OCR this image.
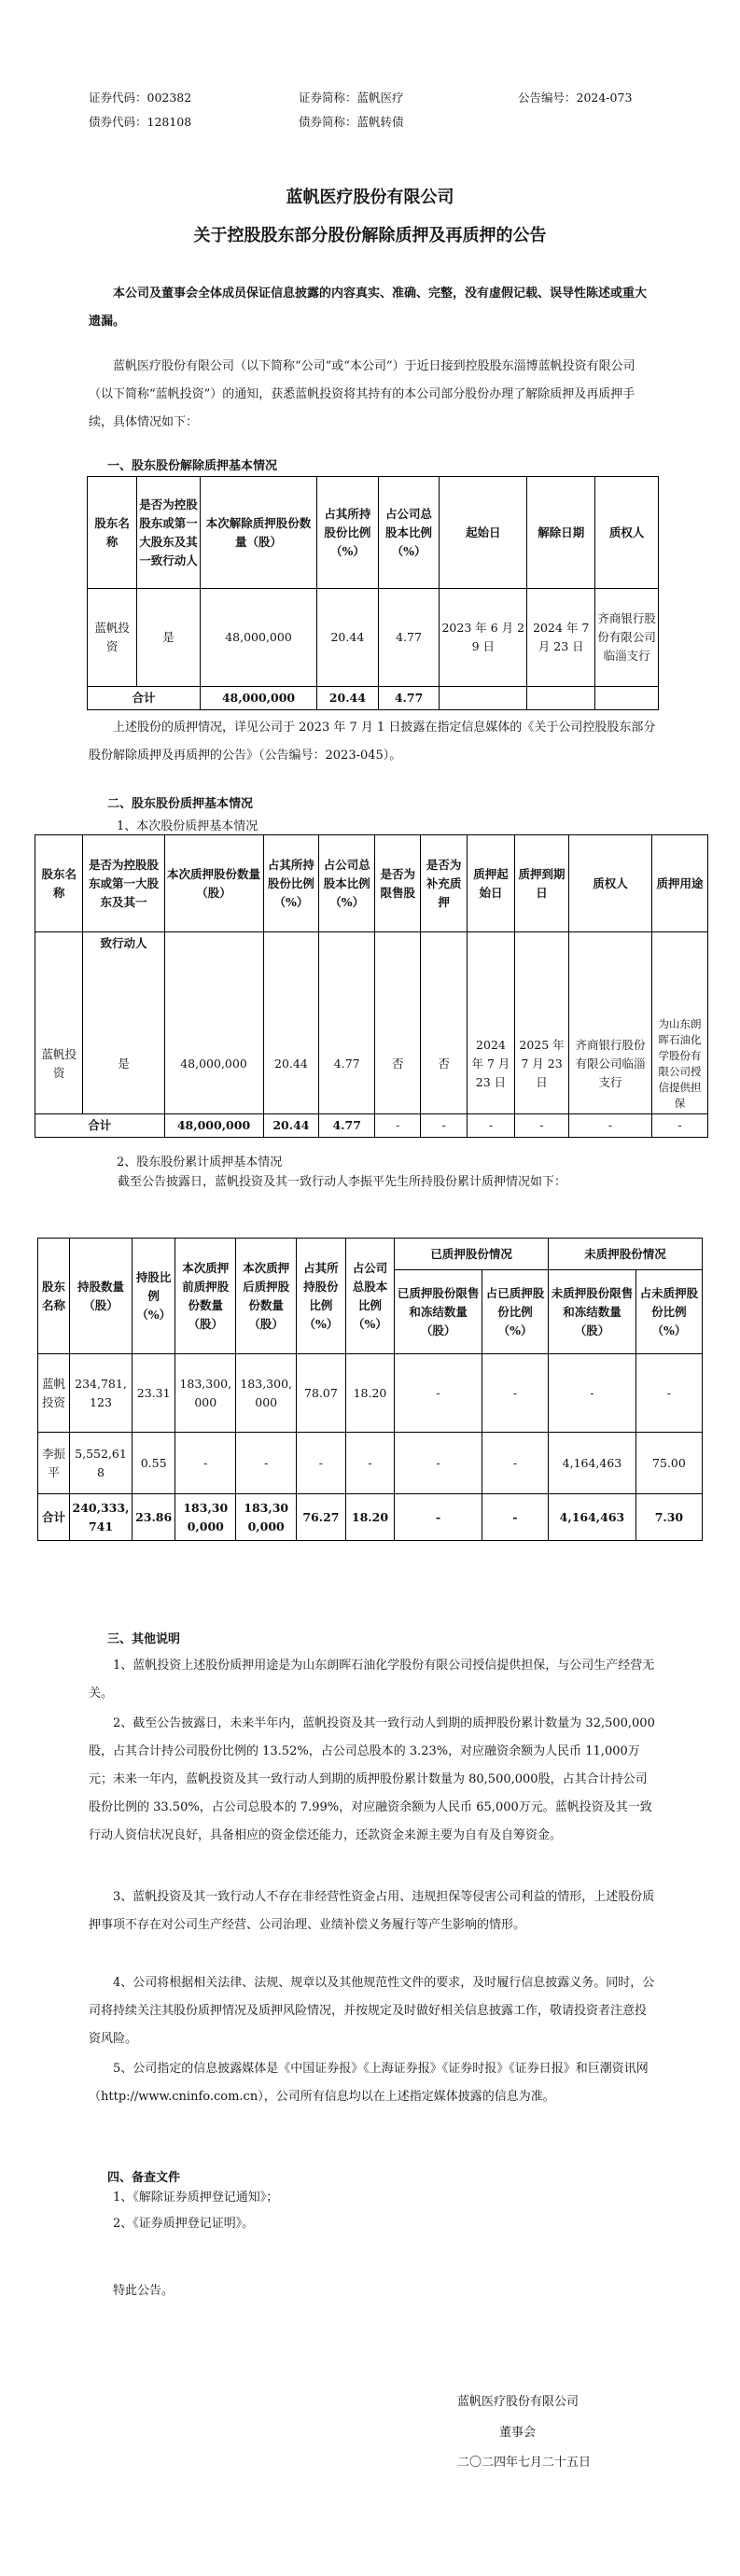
证券代码：002382	证券简称：蓝帆医疗	公告编号：2024-073
债券代码：128108	债券简称：蓝帆转债
蓝帆医疗股份有限公司
关于控股股东部分股份解除质押及再质押的公告
本公司及董事会全体成员保证信息披露的内容真实、准确、完整，没有虚假记载、误导性陈述或重大遗漏。
蓝帆医疗股份有限公司（以下简称“公司”或“本公司”）于近日接到控股股东淄博蓝帆投资有限公司（以下简称“蓝帆投资”）的通知，获悉蓝帆投资将其持有的本公司部分股份办理了解除质押及再质押手续，具体情况如下：
一、股东股份解除质押基本情况
股东名称	是否为控股股东或第一大股东及其一致行动人	本次解除质押股份数量（股）	占其所持股份比例（%）	占公司总股本比例（%）	起始日	解除日期	质权人
蓝帆投资	是	48,000,000	20.44	4.77	2023 年 6 月 29 日	2024 年 7 月 23 日	齐商银行股份有限公司临淄支行
合计		48,000,000	20.44	4.77			
上述股份的质押情况，详见公司于 2023 年 7 月 1 日披露在指定信息媒体的《关于公司控股股东部分股份解除质押及再质押的公告》（公告编号：2023-045）。
二、股东股份质押基本情况
1、本次股份质押基本情况
股东名称	是否为控股股东或第一大股东及其一	本次质押股份数量（股）	占其所持股份比例（%）	占公司总股本比例（%）	是否为限售股	是否为补充质押	质押起始日	质押到期日	质权人	质押用途
	致行动人									
蓝帆投资	是	48,000,000	20.44	4.77	否	否	2024 年 7 月 23 日	2025 年 7 月 23 日	齐商银行股份有限公司临淄支行	为山东朗晖石油化学股份有限公司授信提供担保
合计		48,000,000	20.44	4.77	-	-	-	-	-	-
2、股东股份累计质押基本情况
截至公告披露日，蓝帆投资及其一致行动人李振平先生所持股份累计质押情况如下：
股东名称	持股数量（股）	持股比例（%）	本次质押前质押股份数量（股）	本次质押后质押股份数量（股）	占其所持股份比例（%）	占公司总股本比例（%）	已质押股份情况		未质押股份情况	
							已质押股份限售和冻结数量（股）	占已质押股份比例（%）	未质押股份限售和冻结数量（股）	占未质押股份比例（%）
蓝帆投资	234,781,123	23.31	183,300,000	183,300,000	78.07	18.20	-	-	-	-
李振平	5,552,618	0.55	-	-	-	-	-	-	4,164,463	75.00
合计	240,333,741	23.86	183,300,000	183,300,000	76.27	18.20	-	-	4,164,463	7.30
三、其他说明
1、蓝帆投资上述股份质押用途是为山东朗晖石油化学股份有限公司授信提供担保，与公司生产经营无关。
2、截至公告披露日，未来半年内，蓝帆投资及其一致行动人到期的质押股份累计数量为 32,500,000股，占其合计持公司股份比例的 13.52%，占公司总股本的 3.23%，对应融资余额为人民币 11,000万元；未来一年内，蓝帆投资及其一致行动人到期的质押股份累计数量为 80,500,000股，占其合计持公司股份比例的 33.50%，占公司总股本的 7.99%，对应融资余额为人民币 65,000万元。蓝帆投资及其一致行动人资信状况良好，具备相应的资金偿还能力，还款资金来源主要为自有及自筹资金。
3、蓝帆投资及其一致行动人不存在非经营性资金占用、违规担保等侵害公司利益的情形，上述股份质押事项不存在对公司生产经营、公司治理、业绩补偿义务履行等产生影响的情形。
4、公司将根据相关法律、法规、规章以及其他规范性文件的要求，及时履行信息披露义务。同时，公司将持续关注其股份质押情况及质押风险情况，并按规定及时做好相关信息披露工作，敬请投资者注意投资风险。
5、公司指定的信息披露媒体是《中国证券报》《上海证券报》《证券时报》《证券日报》和巨潮资讯网（http://www.cninfo.com.cn），公司所有信息均以在上述指定媒体披露的信息为准。
四、备查文件
1、《解除证券质押登记通知》；
2、《证券质押登记证明》。
特此公告。
蓝帆医疗股份有限公司
董事会
二〇二四年七月二十五日
